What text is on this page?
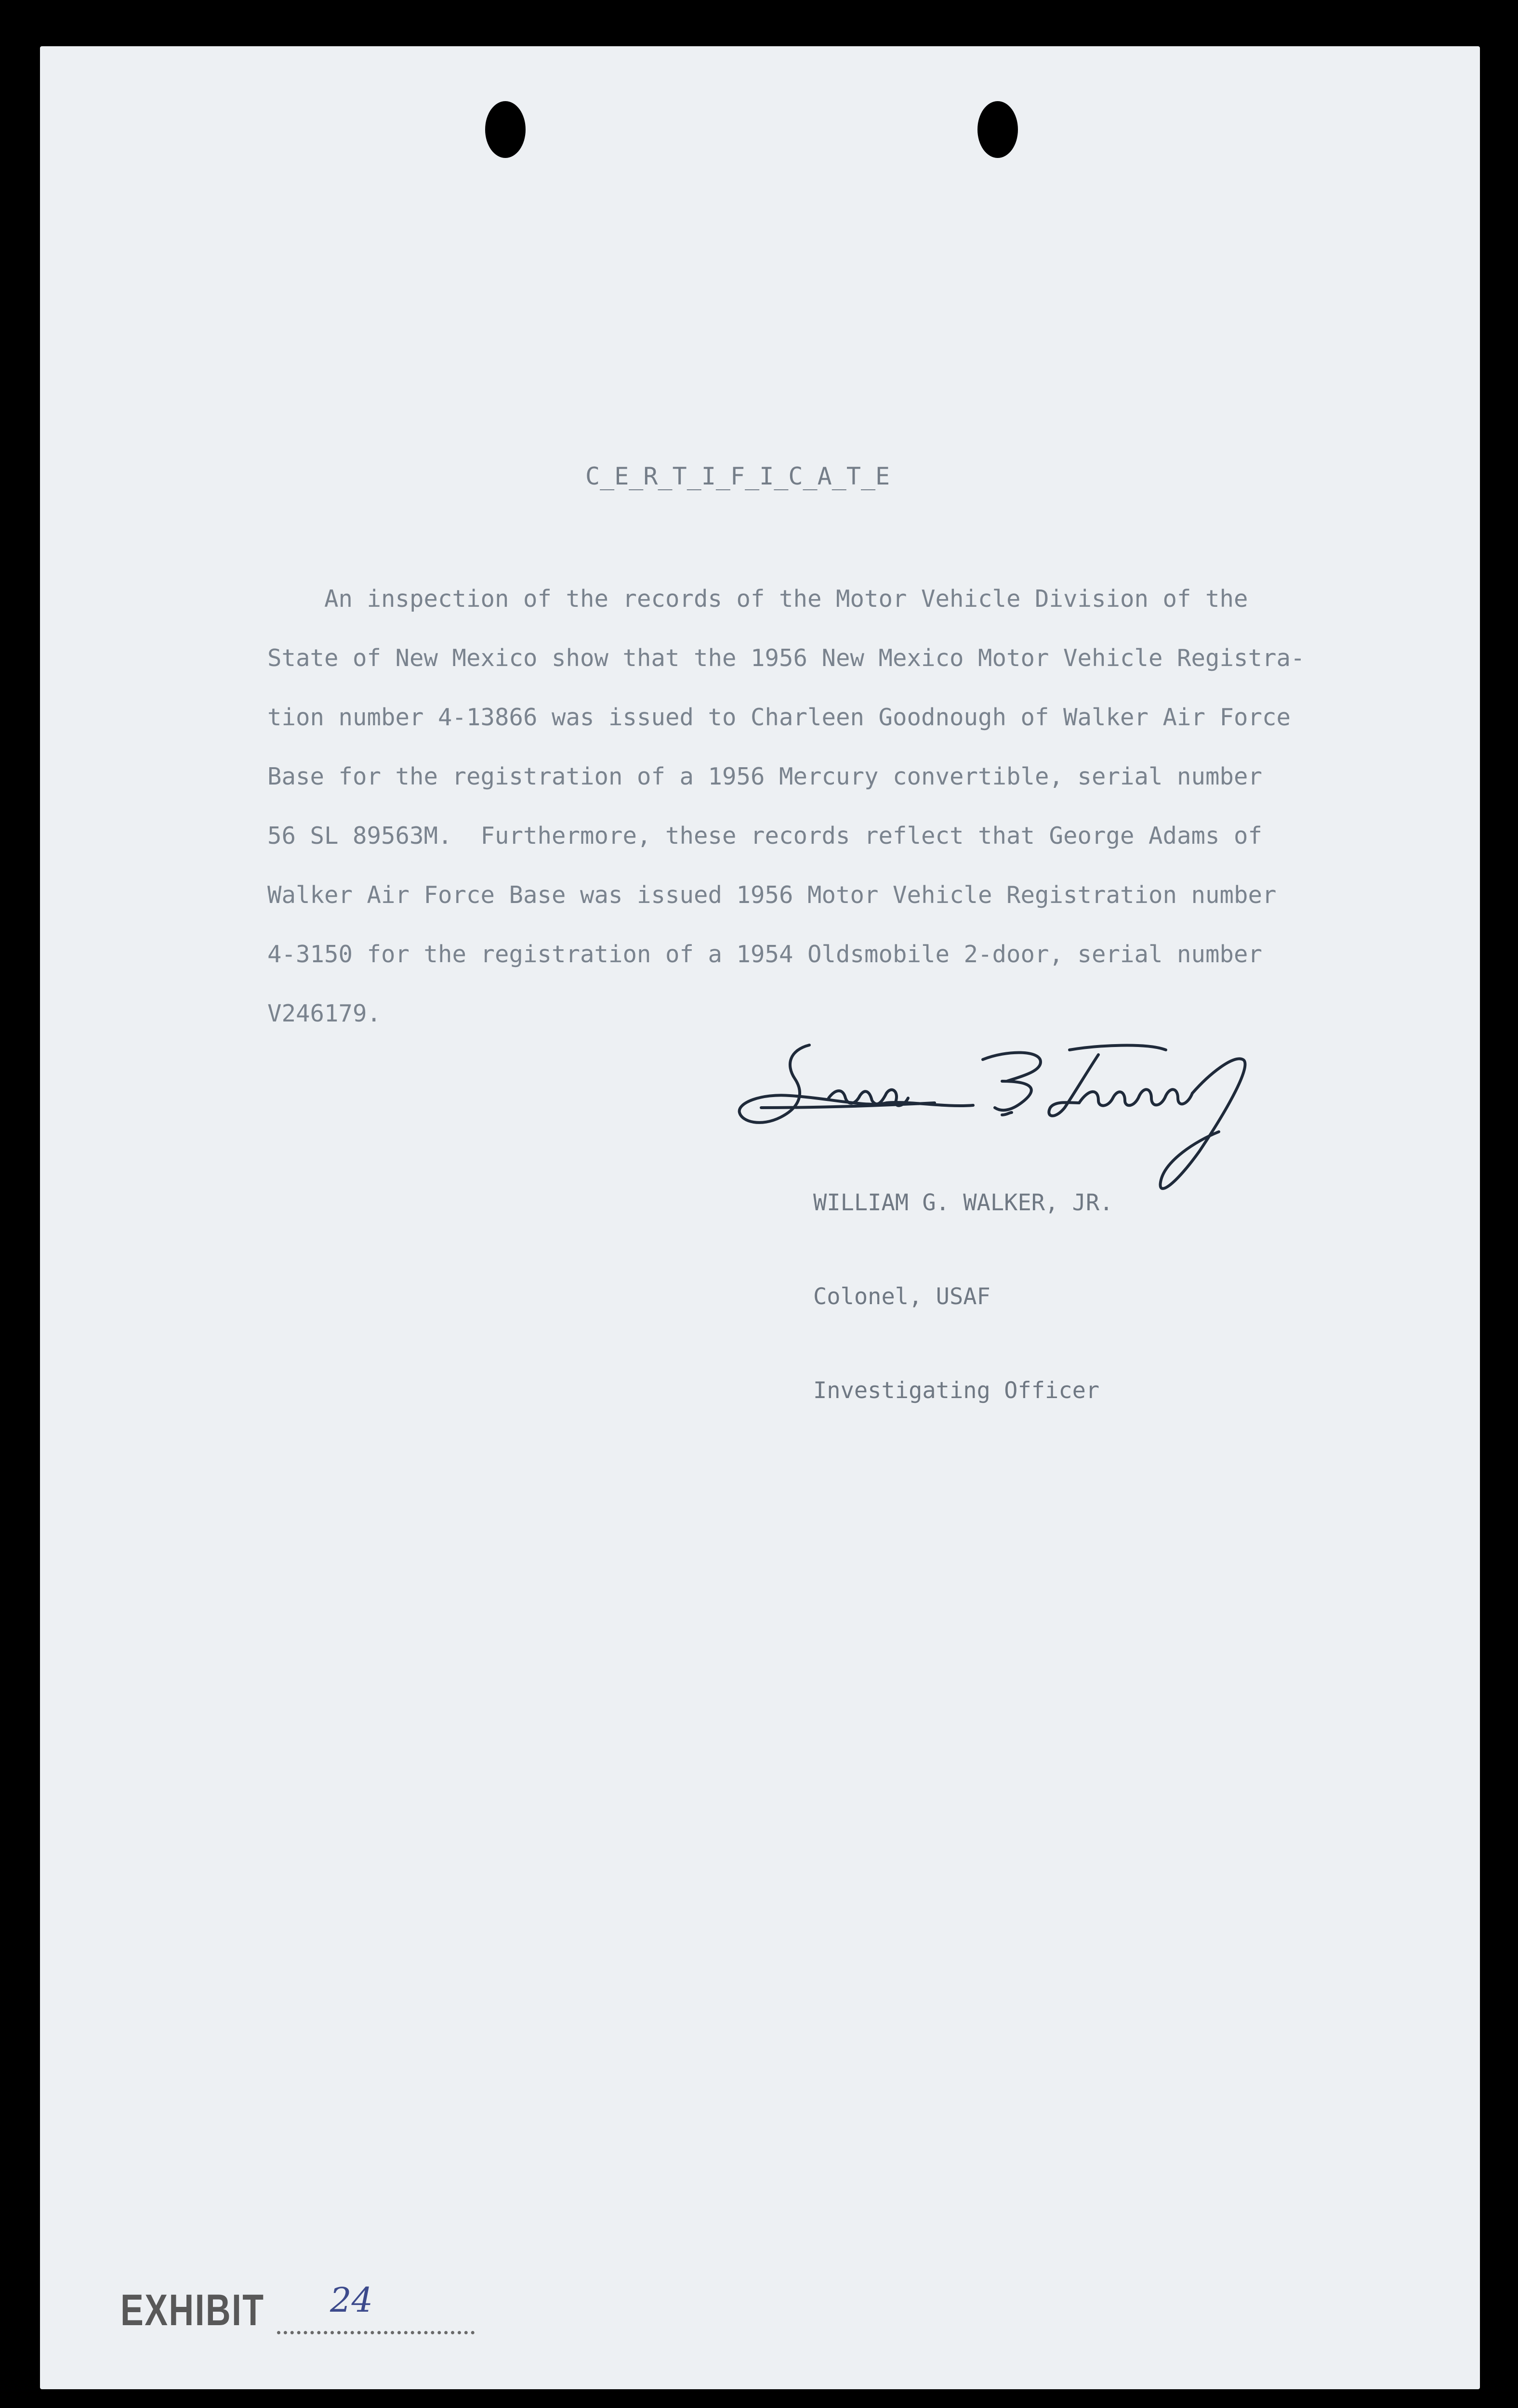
C_E_R_T_I_F_I_C_A_T_E

An inspection of the records of the Motor Vehicle Division of the

State of New Mexico show that the 1956 New Mexico Motor Vehicle Registra-

tion number 4-13866 was issued to Charleen Goodnough of Walker Air Force

Base for the registration of a 1956 Mercury convertible, serial number

56 SL 89563M.  Furthermore, these records reflect that George Adams of

Walker Air Force Base was issued 1956 Motor Vehicle Registration number

4-3150 for the registration of a 1954 Oldsmobile 2-door, serial number

V246179.

WILLIAM G. WALKER, JR.

Colonel, USAF

Investigating Officer

EXHIBIT 24
